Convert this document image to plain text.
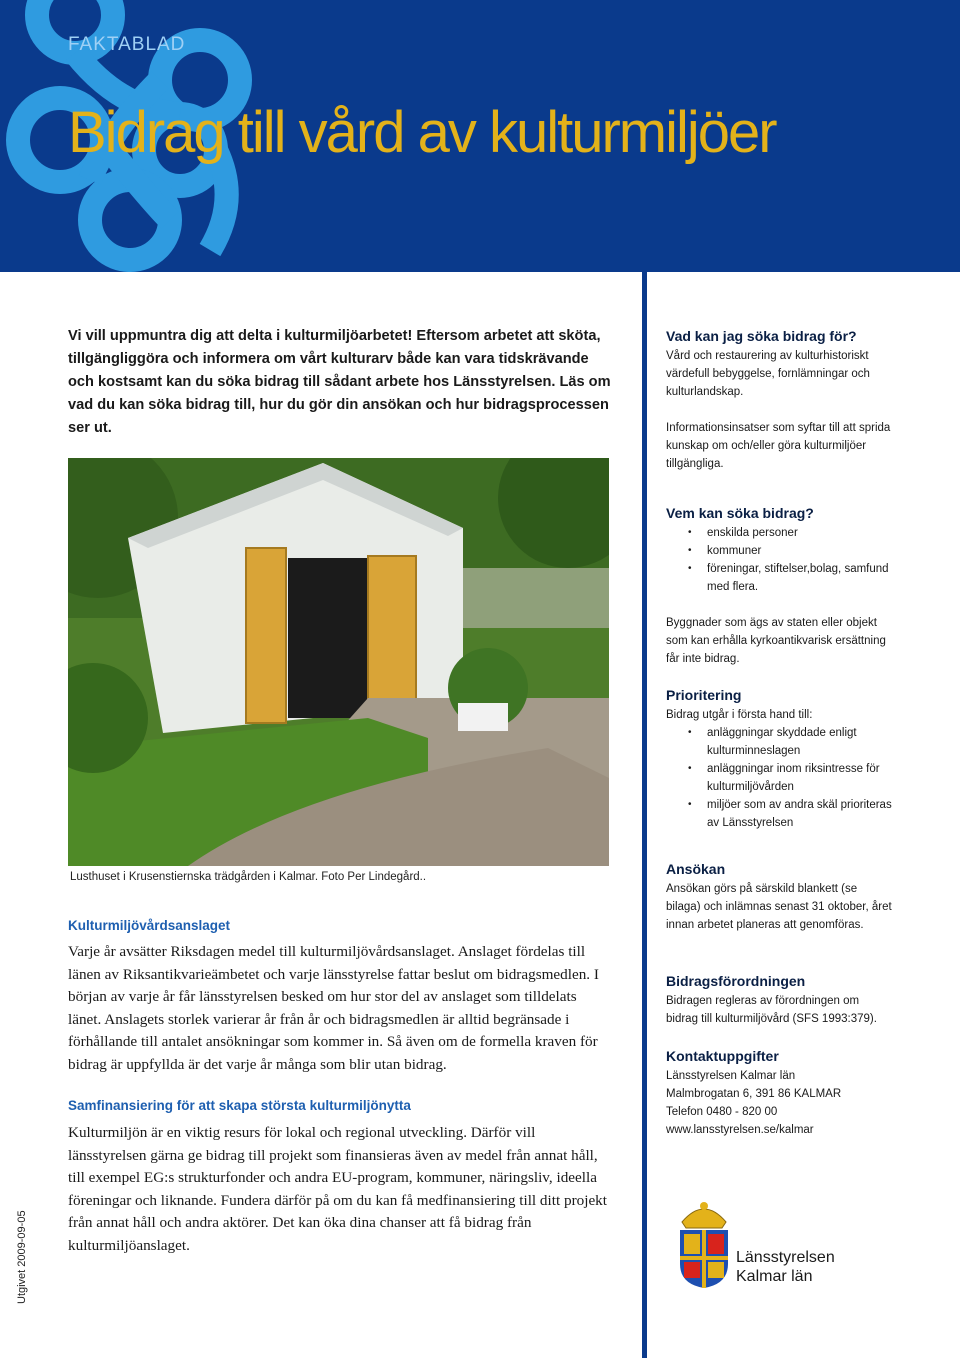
FAKTABLAD
Bidrag till vård av kulturmiljöer

Vi vill uppmuntra dig att delta i kulturmiljöarbetet! Eftersom arbetet att sköta, tillgängliggöra och informera om vårt kulturarv både kan vara tidskrävande och kostsamt kan du söka bidrag till sådant arbete hos Länsstyrelsen. Läs om vad du kan söka bidrag till, hur du gör din ansökan och hur bidragsprocessen ser ut.

Lusthuset i Krusenstiernska trädgården i Kalmar. Foto Per Lindegård..
Kulturmiljövårdsanslaget

Varje år avsätter Riksdagen medel till kulturmiljövårdsanslaget. Anslaget fördelas till länen av Riksantikvarieämbetet och varje länsstyrelse fattar beslut om bidragsmedlen. I början av varje år får länsstyrelsen besked om hur stor del av anslaget som tilldelats länet. Anslagets storlek varierar år från år och bidragsmedlen är alltid begränsade i förhållande till antalet ansökningar som kommer in. Så även om de formella kraven för bidrag är uppfyllda är det varje år många som blir utan bidrag.

Samfinansiering för att skapa största kulturmiljönytta

Kulturmiljön är en viktig resurs för lokal och regional utveckling. Därför vill länsstyrelsen gärna ge bidrag till projekt som finansieras även av medel från annat håll, till exempel EG:s strukturfonder och andra EU-program, kommuner, näringsliv, ideella föreningar och liknande. Fundera därför på om du kan få medfinansiering till ditt projekt från annat håll och andra aktörer. Det kan öka dina chanser att få bidrag från kulturmiljöanslaget.

Vad kan jag söka bidrag för?

Vård och restaurering av kulturhistoriskt värdefull bebyggelse, fornlämningar och kulturlandskap.

Informationsinsatser som syftar till att sprida kunskap om och/eller göra kulturmiljöer tillgängliga.

Vem kan söka bidrag?
• enskilda personer
• kommuner
• föreningar, stiftelser,bolag, samfund med flera.

Byggnader som ägs av staten eller objekt som kan erhålla kyrkoantikvarisk ersättning får inte bidrag.

Prioritering

Bidrag utgår i första hand till:

• anläggningar skyddade enligt kulturminneslagen
• anläggningar inom riksintresse för kulturmiljövården
• miljöer som av andra skäl prioriteras av Länsstyrelsen
Ansökan

Ansökan görs på särskild blankett (se bilaga) och inlämnas senast 31 oktober, året innan arbetet planeras att genomföras.

Bidragsförordningen

Bidragen regleras av förordningen om bidrag till kulturmiljövård (SFS 1993:379).

Kontaktuppgifter

Länsstyrelsen Kalmar län

Malmbrogatan 6, 391 86 KALMAR

Telefon 0480 - 820 00

www.lansstyrelsen.se/kalmar

Utgivet 2009-09-05	Länsstyrelsen
Kalmar län
